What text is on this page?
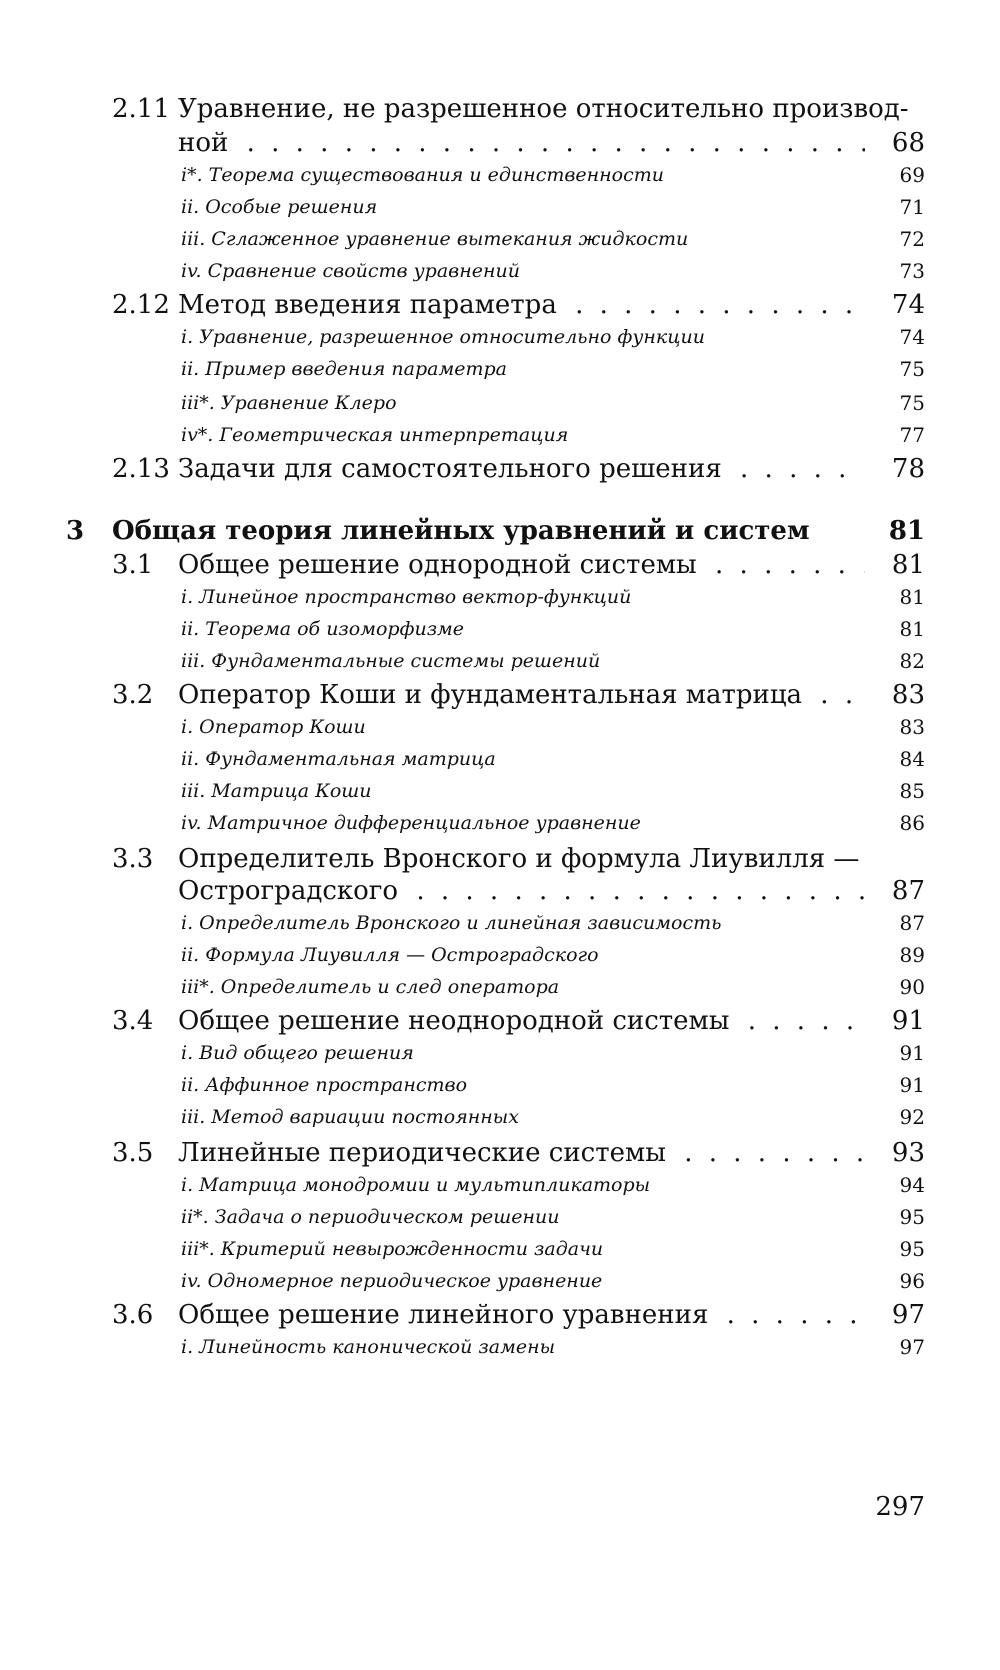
2.11 Уравнение, не разрешенное относительно производ-
ной . . .	68
i*. Теорема существования и единственности	69
ii. Особые решения	71
iii. Сглаженное уравнение вытекания жидкости	72
iv. Сравнение свойств уравнений	73
2.12 Метод введения параметра . . .	74
i. Уравнение, разрешенное относительно функции	74
ii. Пример введения параметра	75
iii*. Уравнение Клеро	75
iv*. Геометрическая интерпретация	77
2.13 Задачи для самостоятельного решения . . .	78
3 Общая теория линейных уравнений и систем	81
3.1 Общее решение однородной системы . . .	81
i. Линейное пространство вектор-функций	81
ii. Теорема об изоморфизме	81
iii. Фундаментальные системы решений	82
3.2 Оператор Коши и фундаментальная матрица . . .	83
i. Оператор Коши	83
ii. Фундаментальная матрица	84
iii. Матрица Коши	85
iv. Матричное дифференциальное уравнение	86
3.3 Определитель Вронского и формула Лиувилля —
Остроградского . . .	87
i. Определитель Вронского и линейная зависимость	87
ii. Формула Лиувилля — Остроградского	89
iii*. Определитель и след оператора	90
3.4 Общее решение неоднородной системы . . .	91
i. Вид общего решения	91
ii. Аффинное пространство	91
iii. Метод вариации постоянных	92
3.5 Линейные периодические системы . . .	93
i. Матрица монодромии и мультипликаторы	94
ii*. Задача о периодическом решении	95
iii*. Критерий невырожденности задачи	95
iv. Одномерное периодическое уравнение	96
3.6 Общее решение линейного уравнения . . .	97
i. Линейность канонической замены	97
297
